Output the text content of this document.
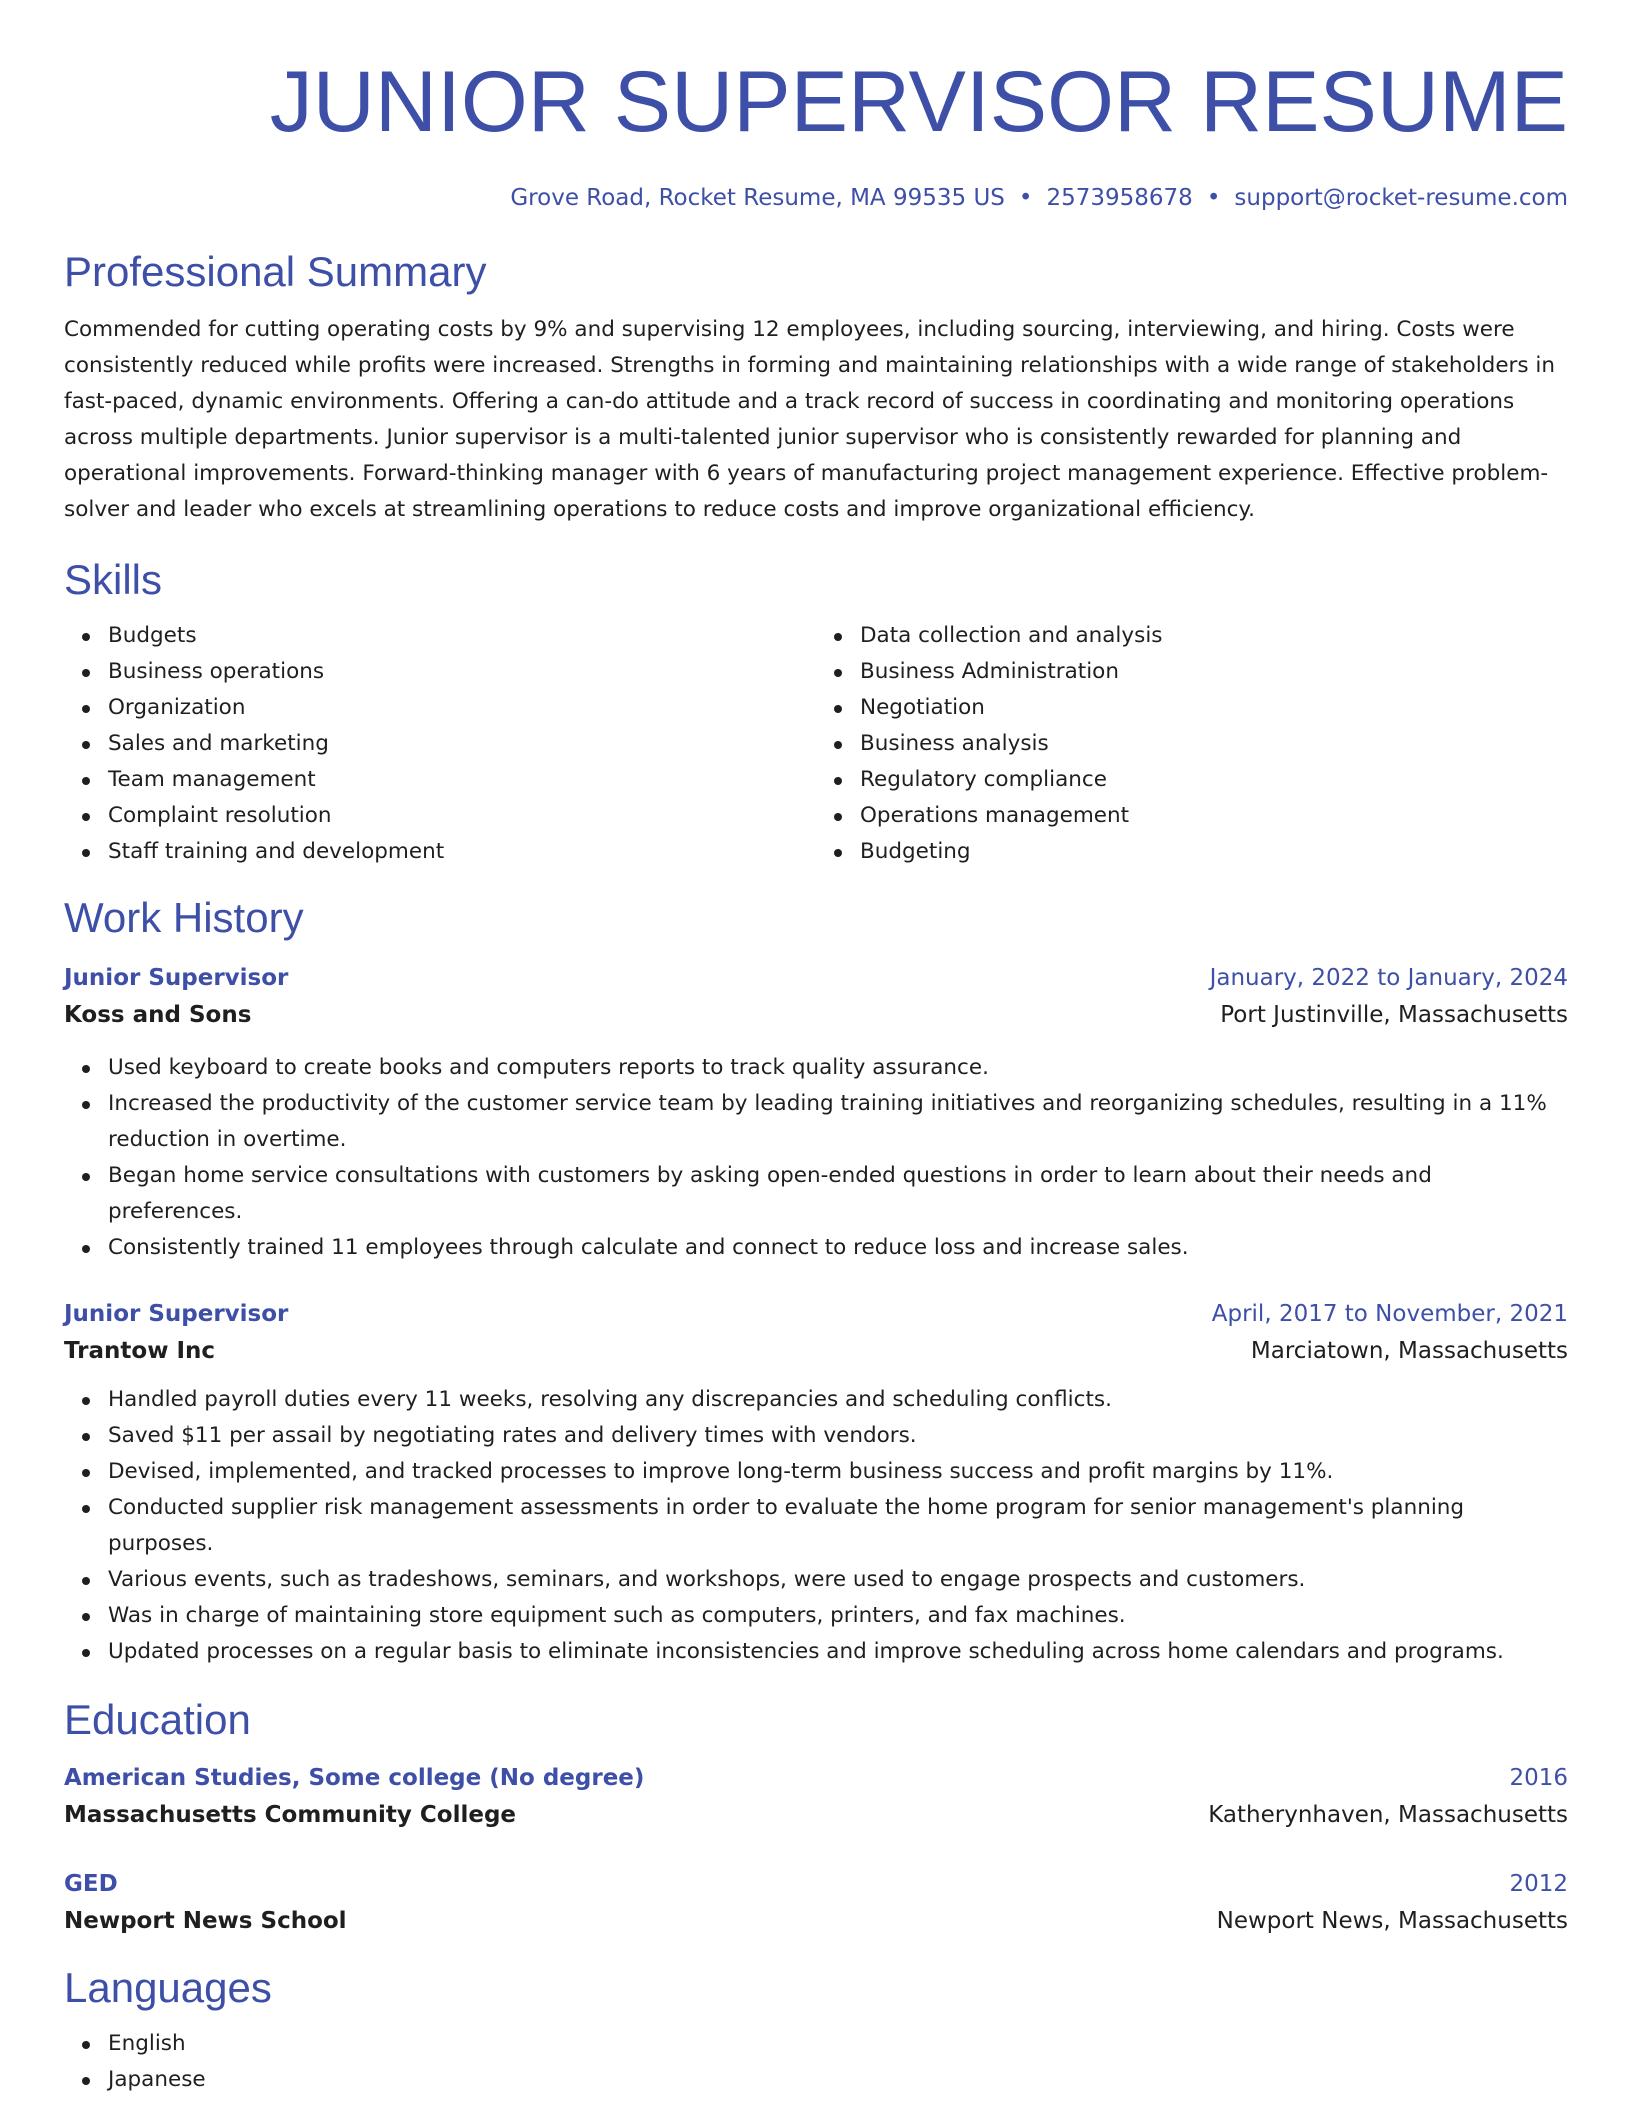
JUNIOR SUPERVISOR RESUME
Grove Road, Rocket Resume, MA 99535 US • 2573958678 • support@rocket-resume.com
Professional Summary
Commended for cutting operating costs by 9% and supervising 12 employees, including sourcing, interviewing, and hiring. Costs were consistently reduced while profits were increased. Strengths in forming and maintaining relationships with a wide range of stakeholders in fast-paced, dynamic environments. Offering a can-do attitude and a track record of success in coordinating and monitoring operations across multiple departments. Junior supervisor is a multi-talented junior supervisor who is consistently rewarded for planning and operational improvements. Forward-thinking manager with 6 years of manufacturing project management experience. Effective problem-solver and leader who excels at streamlining operations to reduce costs and improve organizational efficiency.
Skills
Budgets
Business operations
Organization
Sales and marketing
Team management
Complaint resolution
Staff training and development
Data collection and analysis
Business Administration
Negotiation
Business analysis
Regulatory compliance
Operations management
Budgeting
Work History
Junior Supervisor	January, 2022 to January, 2024
Koss and Sons	Port Justinville, Massachusetts
Used keyboard to create books and computers reports to track quality assurance.
Increased the productivity of the customer service team by leading training initiatives and reorganizing schedules, resulting in a 11% reduction in overtime.
Began home service consultations with customers by asking open-ended questions in order to learn about their needs and preferences.
Consistently trained 11 employees through calculate and connect to reduce loss and increase sales.
Junior Supervisor	April, 2017 to November, 2021
Trantow Inc	Marciatown, Massachusetts
Handled payroll duties every 11 weeks, resolving any discrepancies and scheduling conflicts.
Saved $11 per assail by negotiating rates and delivery times with vendors.
Devised, implemented, and tracked processes to improve long-term business success and profit margins by 11%.
Conducted supplier risk management assessments in order to evaluate the home program for senior management's planning purposes.
Various events, such as tradeshows, seminars, and workshops, were used to engage prospects and customers.
Was in charge of maintaining store equipment such as computers, printers, and fax machines.
Updated processes on a regular basis to eliminate inconsistencies and improve scheduling across home calendars and programs.
Education
American Studies, Some college (No degree)	2016
Massachusetts Community College	Katherynhaven, Massachusetts
GED	2012
Newport News School	Newport News, Massachusetts
Languages
English
Japanese
